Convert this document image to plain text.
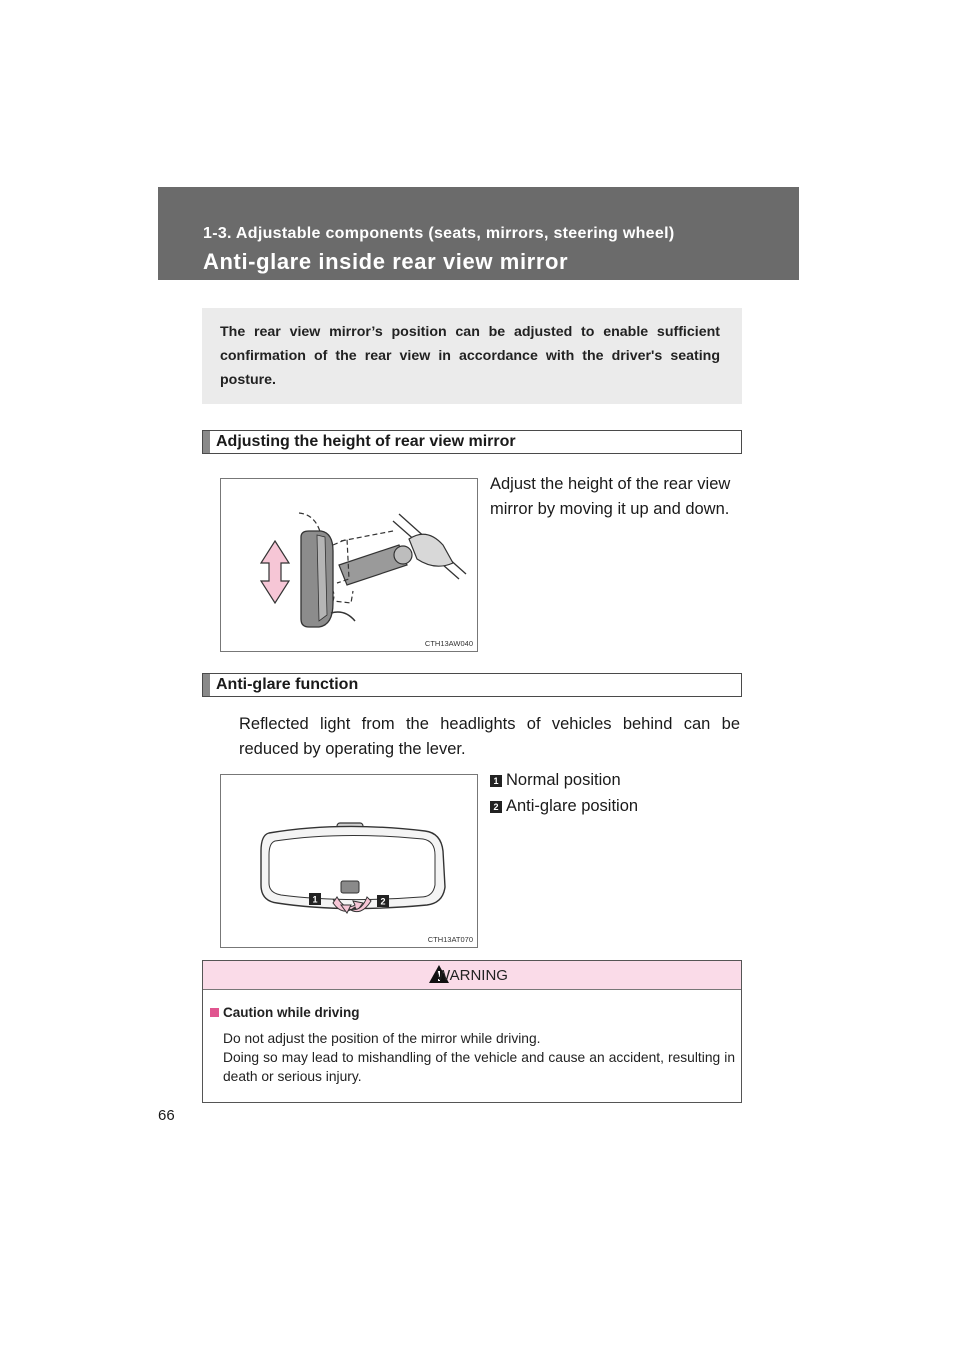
1-3. Adjustable components (seats, mirrors, steering wheel)
Anti-glare inside rear view mirror

The rear view mirror’s position can be adjusted to enable sufficient confirmation of the rear view in accordance with the driver's seating posture.

Adjusting the height of rear view mirror
Adjust the height of the rear view
mirror by moving it up and down.
CTH13AW040
Anti-glare function
Reflected light from the headlights of vehicles behind can be
reduced by operating the lever.
1 Normal position
2 Anti-glare position
1	2
CTH13AT070
WARNING
Caution while driving

Do not adjust the position of the mirror while driving.

Doing so may lead to mishandling of the vehicle and cause an accident, resulting in death or serious injury.

66
